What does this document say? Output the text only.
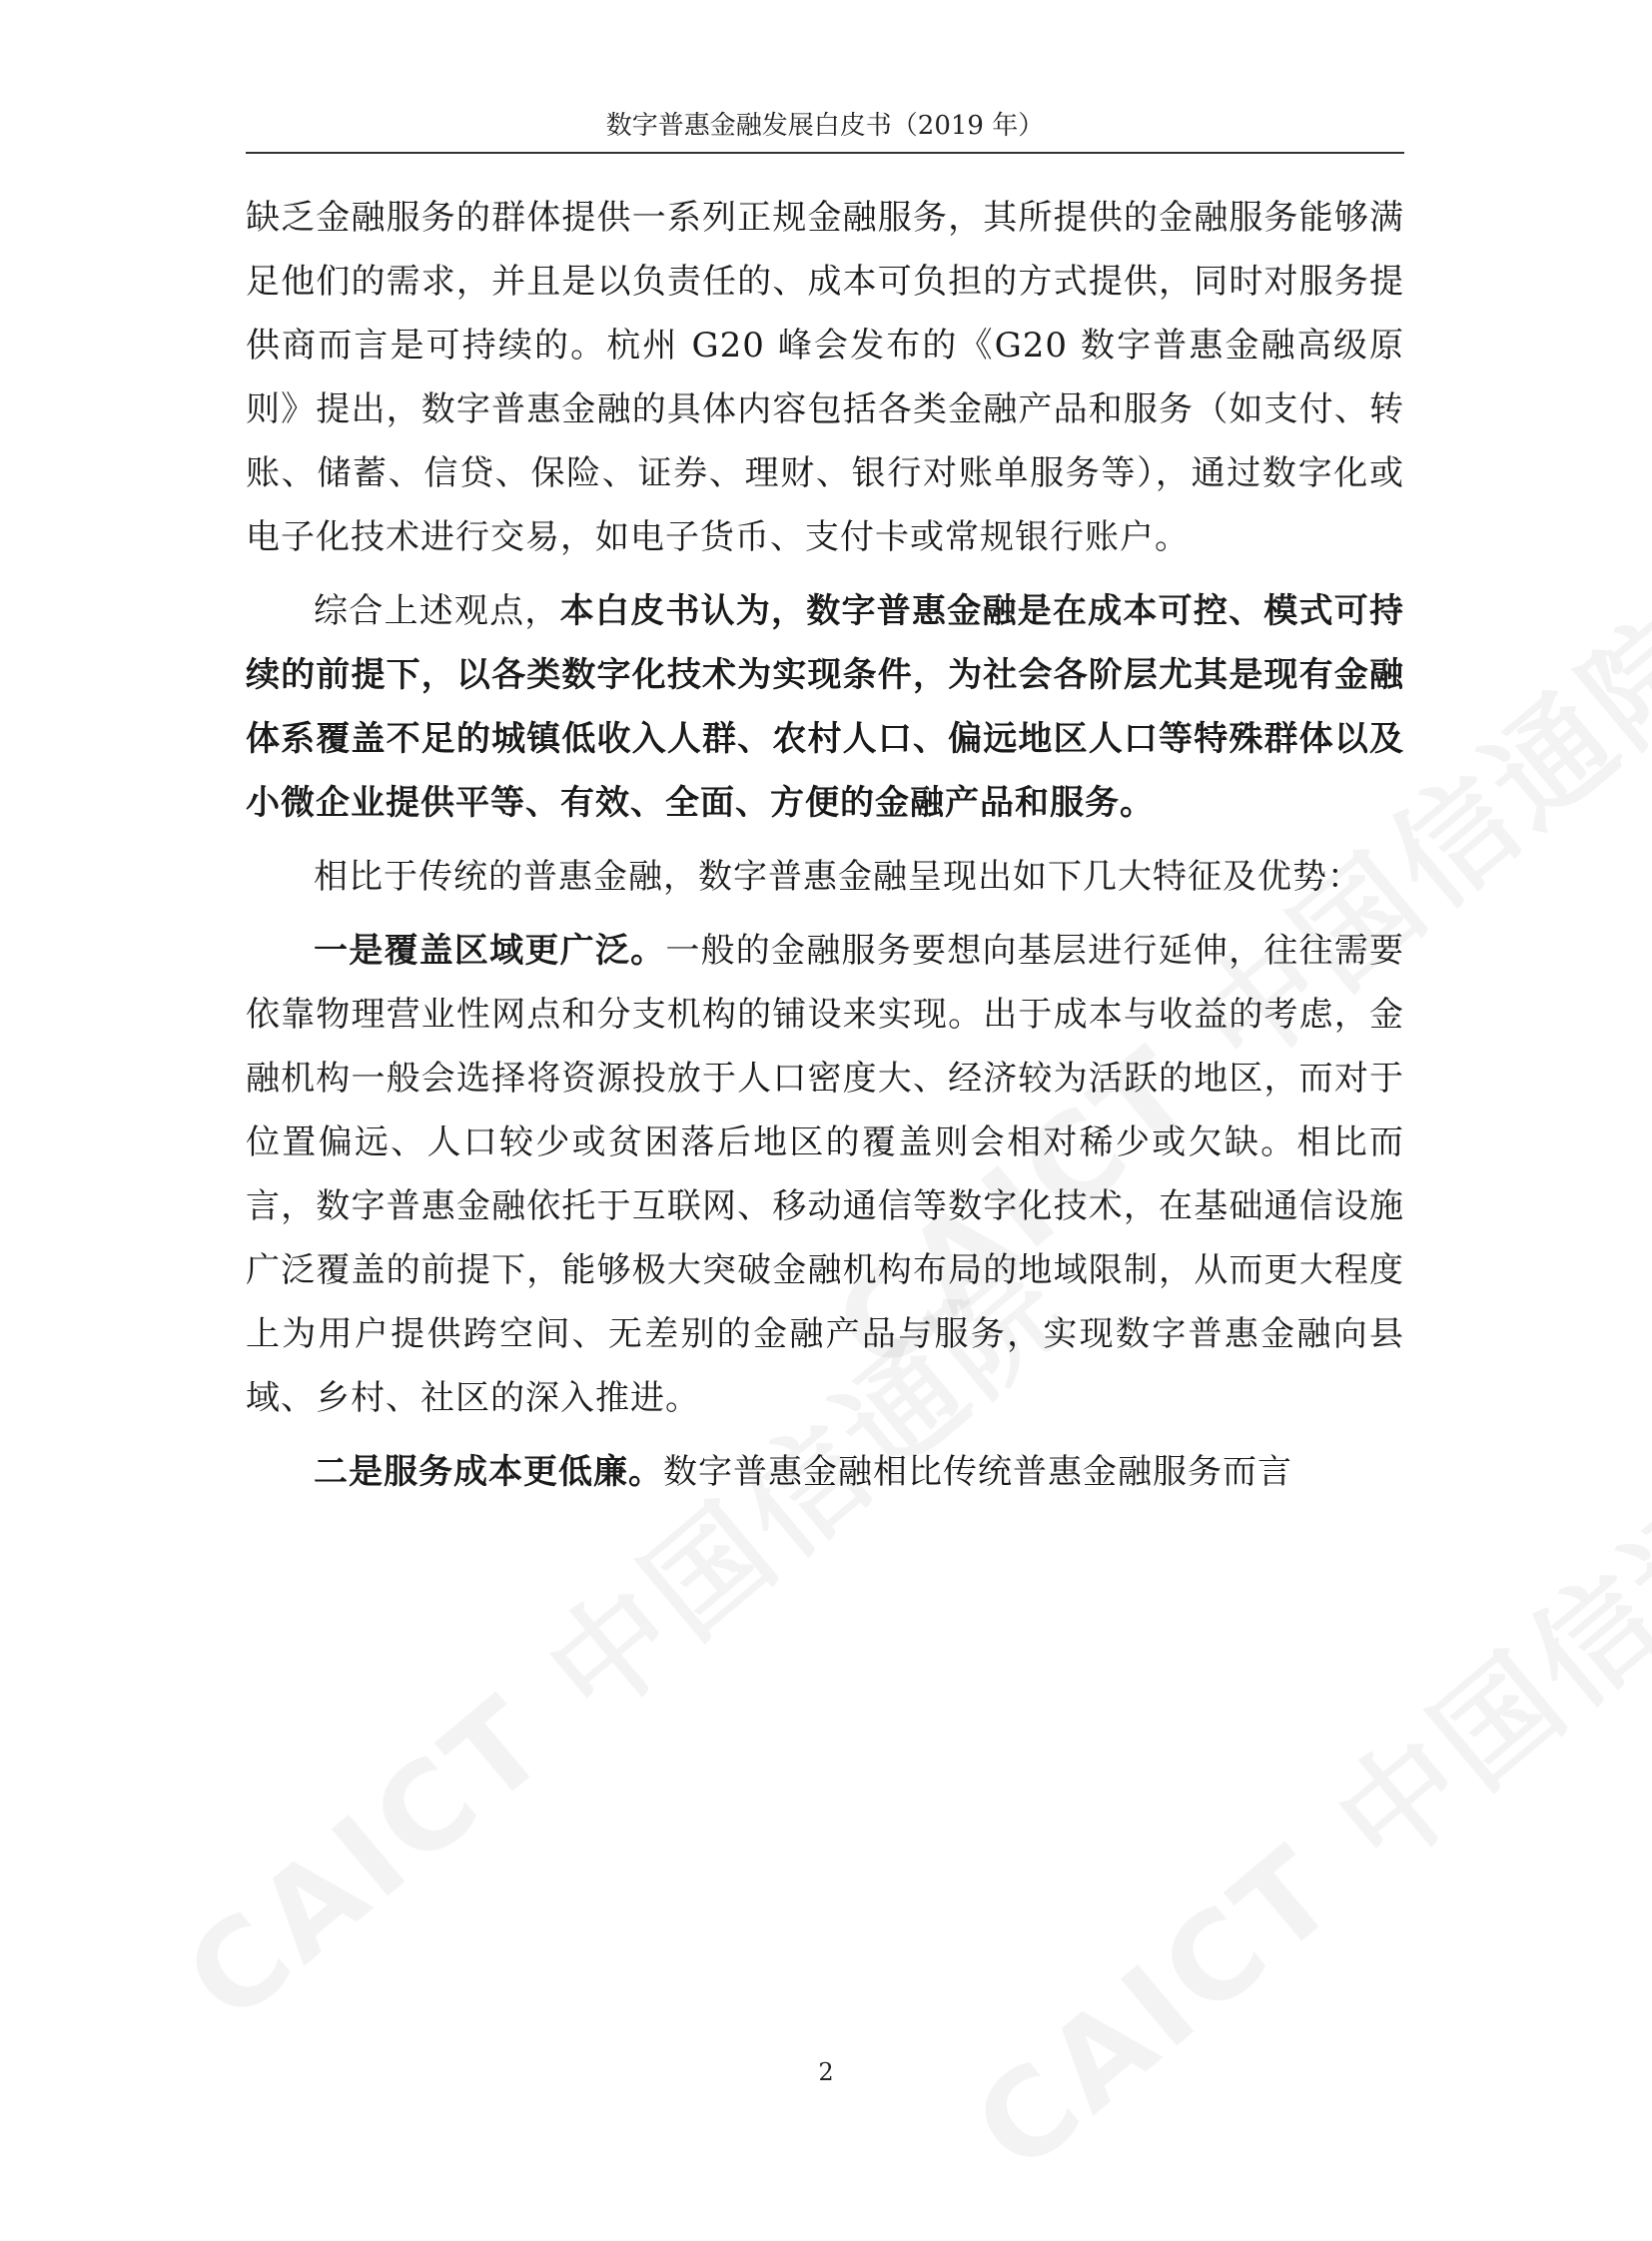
数字普惠金融发展白皮书（2019 年）

缺乏金融服务的群体提供一系列正规金融服务，其所提供的金融服务能够满足他们的需求，并且是以负责任的、成本可负担的方式提供，同时对服务提供商而言是可持续的。杭州 G20 峰会发布的《G20 数字普惠金融高级原则》提出，数字普惠金融的具体内容包括各类金融产品和服务（如支付、转账、储蓄、信贷、保险、证券、理财、银行对账单服务等），通过数字化或电子化技术进行交易，如电子货币、支付卡或常规银行账户。

综合上述观点，本白皮书认为，数字普惠金融是在成本可控、模式可持续的前提下，以各类数字化技术为实现条件，为社会各阶层尤其是现有金融体系覆盖不足的城镇低收入人群、农村人口、偏远地区人口等特殊群体以及小微企业提供平等、有效、全面、方便的金融产品和服务。

相比于传统的普惠金融，数字普惠金融呈现出如下几大特征及优势：

一是覆盖区域更广泛。一般的金融服务要想向基层进行延伸，往往需要依靠物理营业性网点和分支机构的铺设来实现。出于成本与收益的考虑，金融机构一般会选择将资源投放于人口密度大、经济较为活跃的地区，而对于位置偏远、人口较少或贫困落后地区的覆盖则会相对稀少或欠缺。相比而言，数字普惠金融依托于互联网、移动通信等数字化技术，在基础通信设施广泛覆盖的前提下，能够极大突破金融机构布局的地域限制，从而更大程度上为用户提供跨空间、无差别的金融产品与服务，实现数字普惠金融向县域、乡村、社区的深入推进。

二是服务成本更低廉。数字普惠金融相比传统普惠金融服务而言

2
